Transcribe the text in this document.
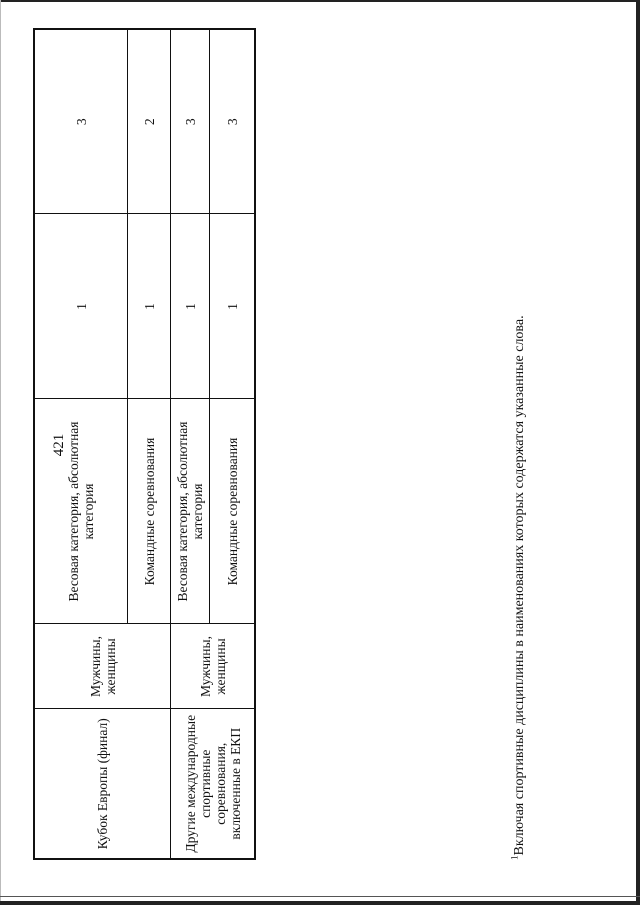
421
Кубок Европы (финал)	Мужчины, женщины	Весовая категория, абсолютная категория	1	3
		Командные соревнования	1	2
Другие международные спортивные соревнования, включенные в ЕКП	Мужчины, женщины	Весовая категория, абсолютная категория	1	3
		Командные соревнования	1	3
$^1$Включая спортивные дисциплины в наименованиях которых содержатся указанные слова.
